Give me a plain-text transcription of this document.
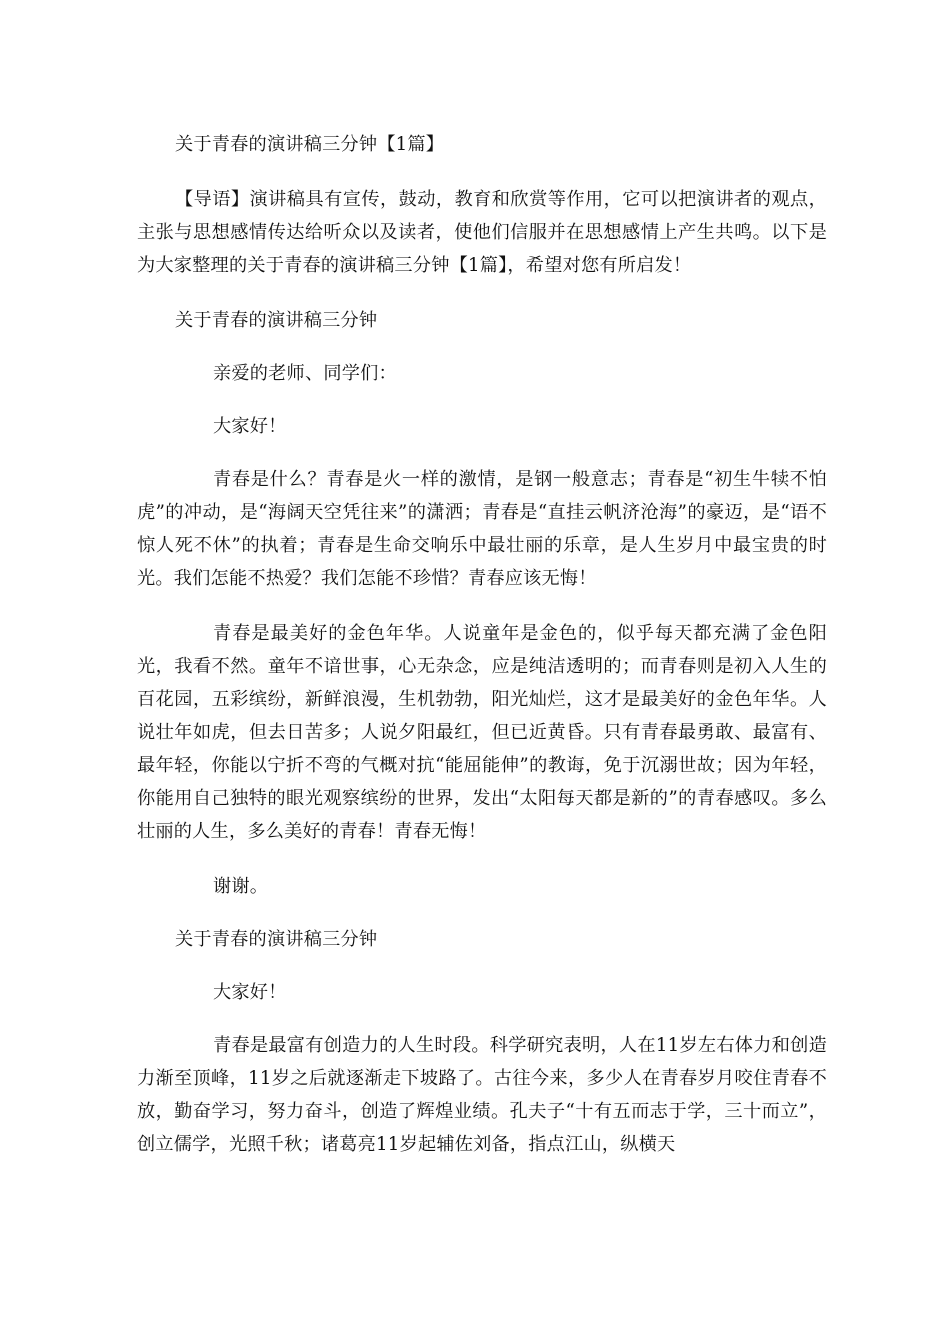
关于青春的演讲稿三分钟【1篇】

【导语】演讲稿具有宣传，鼓动，教育和欣赏等作用，它可以把演讲者的观点，主张与思想感情传达给听众以及读者，使他们信服并在思想感情上产生共鸣。以下是为大家整理的关于青春的演讲稿三分钟【1篇】，希望对您有所启发！

关于青春的演讲稿三分钟

亲爱的老师、同学们：

大家好！

青春是什么？青春是火一样的激情，是钢一般意志；青春是“初生牛犊不怕虎”的冲动，是“海阔天空凭往来”的潇洒；青春是“直挂云帆济沧海”的豪迈，是“语不惊人死不休”的执着；青春是生命交响乐中最壮丽的乐章，是人生岁月中最宝贵的时光。我们怎能不热爱？我们怎能不珍惜？青春应该无悔！

青春是最美好的金色年华。人说童年是金色的，似乎每天都充满了金色阳光，我看不然。童年不谙世事，心无杂念，应是纯洁透明的；而青春则是初入人生的百花园，五彩缤纷，新鲜浪漫，生机勃勃，阳光灿烂，这才是最美好的金色年华。人说壮年如虎，但去日苦多；人说夕阳最红，但已近黄昏。只有青春最勇敢、最富有、最年轻，你能以宁折不弯的气概对抗“能屈能伸”的教诲，免于沉溺世故；因为年轻，你能用自己独特的眼光观察缤纷的世界，发出“太阳每天都是新的”的青春感叹。多么壮丽的人生，多么美好的青春！青春无悔！

谢谢。

关于青春的演讲稿三分钟

大家好！

青春是最富有创造力的人生时段。科学研究表明，人在11岁左右体力和创造力渐至顶峰，11岁之后就逐渐走下坡路了。古往今来，多少人在青春岁月咬住青春不放，勤奋学习，努力奋斗，创造了辉煌业绩。孔夫子“十有五而志于学，三十而立”，创立儒学，光照千秋；诸葛亮11岁起辅佐刘备，指点江山，纵横天
